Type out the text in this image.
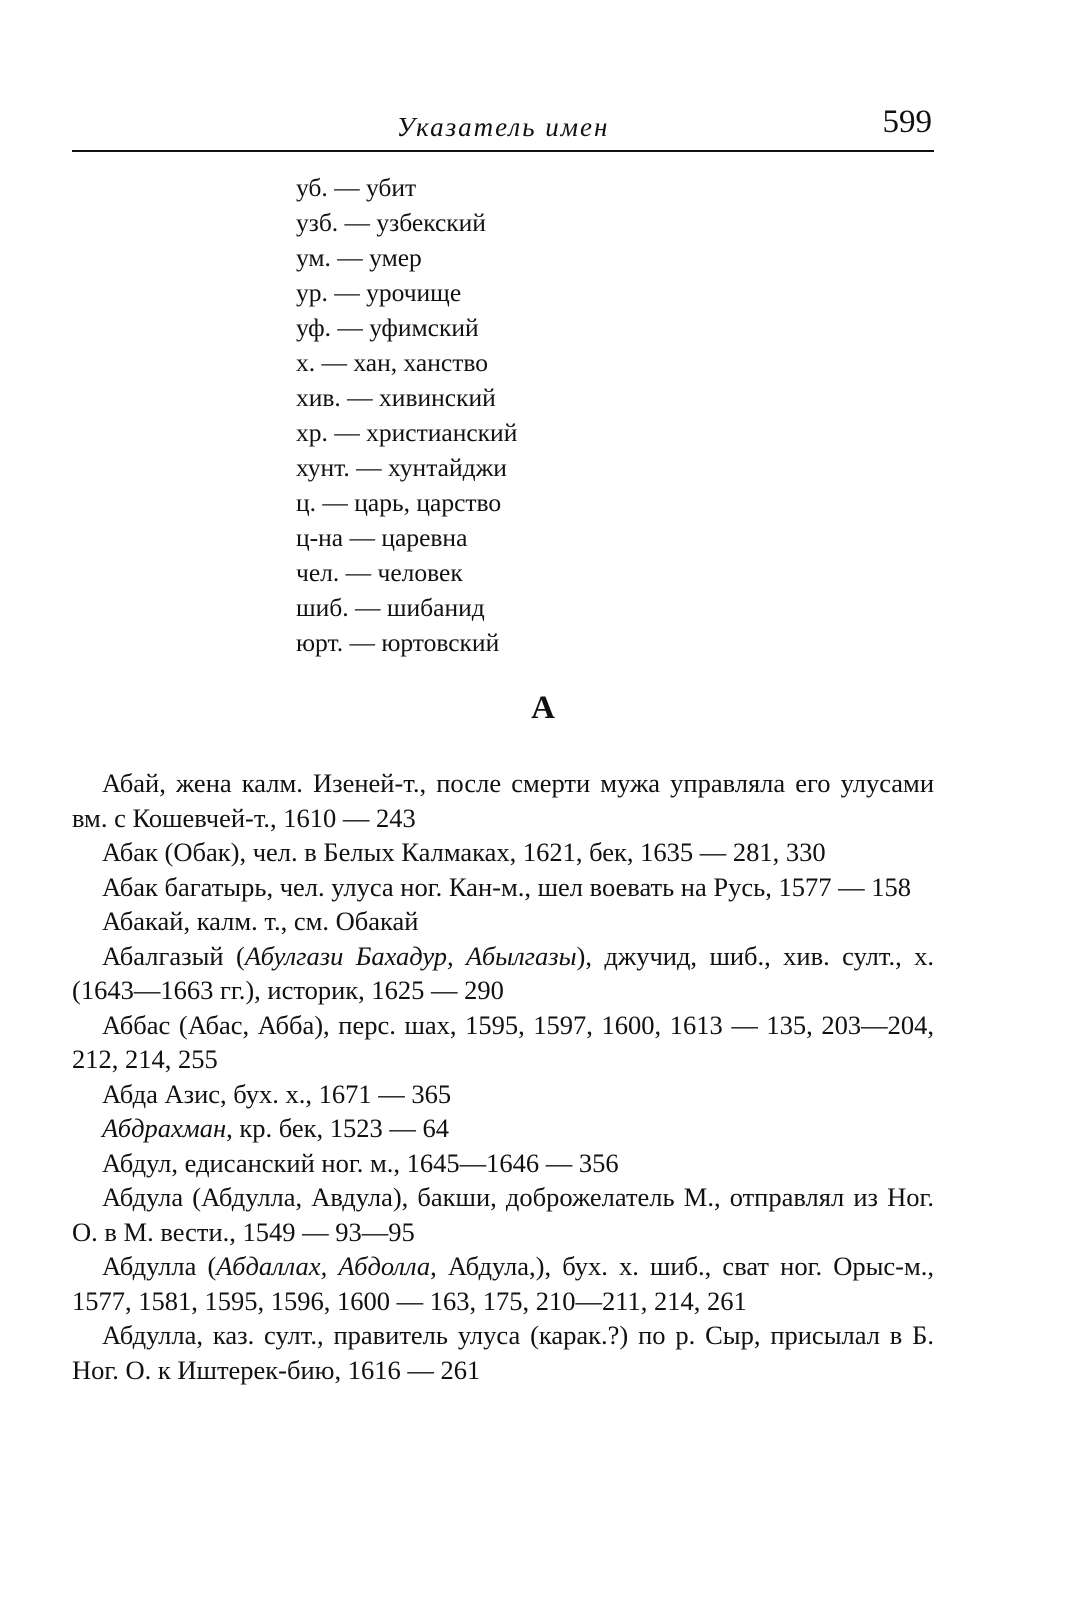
Указатель имен	599
уб. — убит
узб. — узбекский
ум. — умер
ур. — урочище
уф. — уфимский
х. — хан, ханство
хив. — хивинский
хр. — христианский
хунт. — хунтайджи
ц. — царь, царство
ц-на — царевна
чел. — человек
шиб. — шибанид
юрт. — юртовский
А

Абай, жена калм. Изеней-т., после смерти мужа управляла его улусами вм. с Кошевчей-т., 1610 — 243

Абак (Обак), чел. в Белых Калмаках, 1621, бек, 1635 — 281, 330

Абак багатырь, чел. улуса ног. Кан-м., шел воевать на Русь, 1577 — 158

Абакай, калм. т., см. Обакай

Абалгазый (Абулгази Бахадур, Абылгазы), джучид, шиб., хив. султ., х. (1643—1663 гг.), историк, 1625 — 290

Аббас (Абас, Абба), перс. шах, 1595, 1597, 1600, 1613 — 135, 203—204, 212, 214, 255

Абда Азис, бух. х., 1671 — 365

Абдрахман, кр. бек, 1523 — 64

Абдул, едисанский ног. м., 1645—1646 — 356

Абдула (Абдулла, Авдула), бакши, доброжелатель М., отправлял из Ног. О. в М. вести., 1549 — 93—95

Абдулла (Абдаллах, Абдолла, Абдула,), бух. х. шиб., сват ног. Орыс-м., 1577, 1581, 1595, 1596, 1600 — 163, 175, 210—211, 214, 261

Абдулла, каз. султ., правитель улуса (карак.?) по р. Сыр, присылал в Б. Ног. О. к Иштерек-бию, 1616 — 261
